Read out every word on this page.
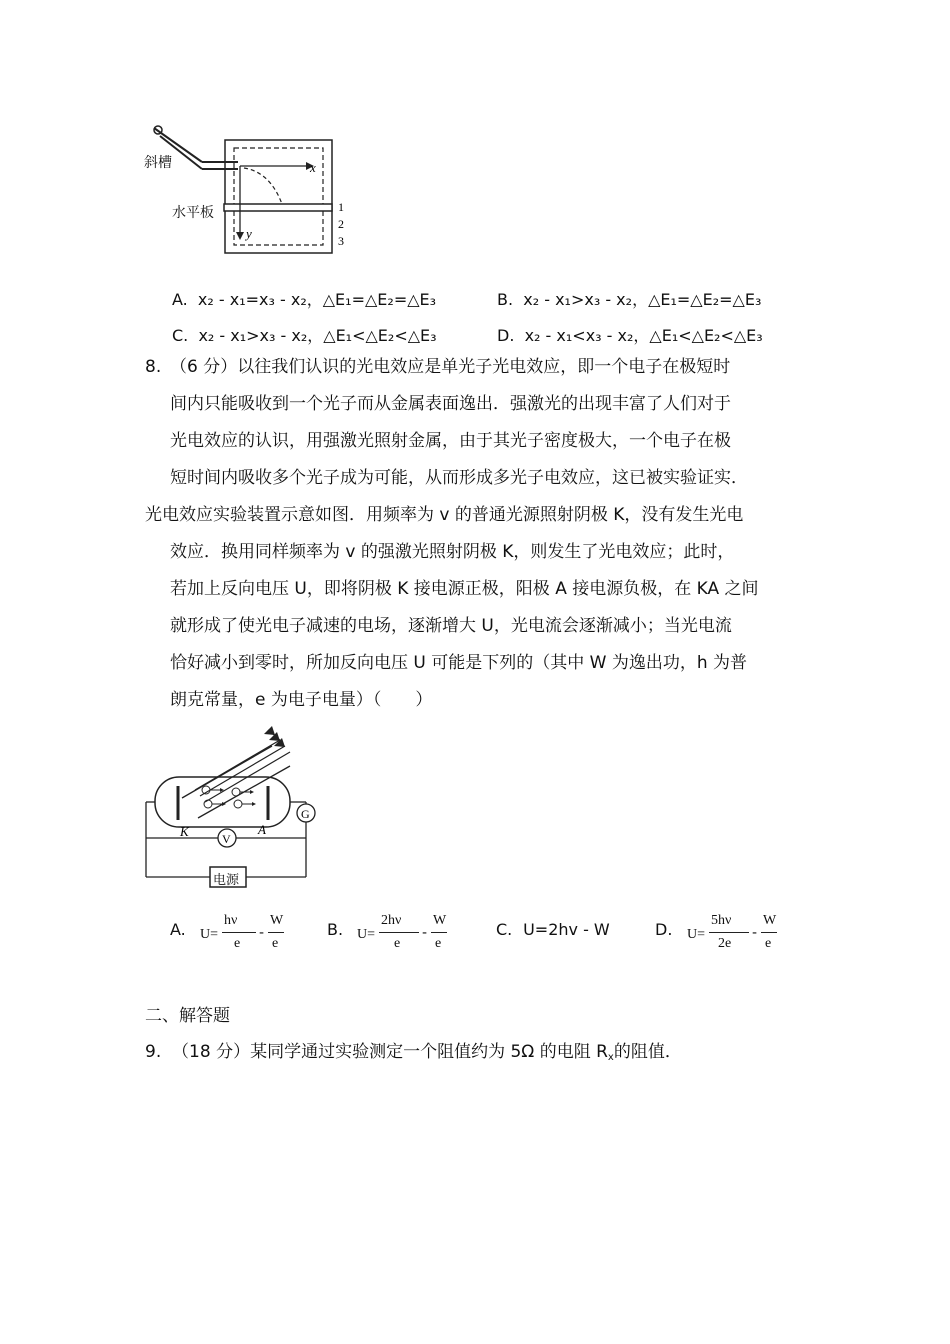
x
y
1
2
3
斜槽
水平板
A. x₂ - x₁=x₃ - x₂，△E₁=△E₂=△E₃	B. x₂ - x₁>x₃ - x₂，△E₁=△E₂=△E₃
C. x₂ - x₁>x₃ - x₂，△E₁<△E₂<△E₃	D. x₂ - x₁<x₃ - x₂，△E₁<△E₂<△E₃
8. （6 分）以往我们认识的光电效应是单光子光电效应，即一个电子在极短时
间内只能吸收到一个光子而从金属表面逸出．强激光的出现丰富了人们对于
光电效应的认识，用强激光照射金属，由于其光子密度极大，一个电子在极
短时间内吸收多个光子成为可能，从而形成多光子电效应，这已被实验证实．
光电效应实验装置示意如图．用频率为 v 的普通光源照射阴极 K，没有发生光电
效应．换用同样频率为 v 的强激光照射阴极 K，则发生了光电效应；此时，
若加上反向电压 U，即将阴极 K 接电源正极，阳极 A 接电源负极，在 KA 之间
就形成了使光电子减速的电场，逐渐增大 U，光电流会逐渐减小；当光电流
恰好减小到零时，所加反向电压 U 可能是下列的（其中 W 为逸出功，h 为普
朗克常量，e 为电子电量）（　　）
K	A
G
V
电源
A. U=
hν
e
-
W
e
B. U=
2hν
e
-
W
e
C. U=2hv - W	D. U=
5hν
2e
-
W
e
二、解答题
9. （18 分）某同学通过实验测定一个阻值约为 5Ω 的电阻 $R_x$的阻值．
